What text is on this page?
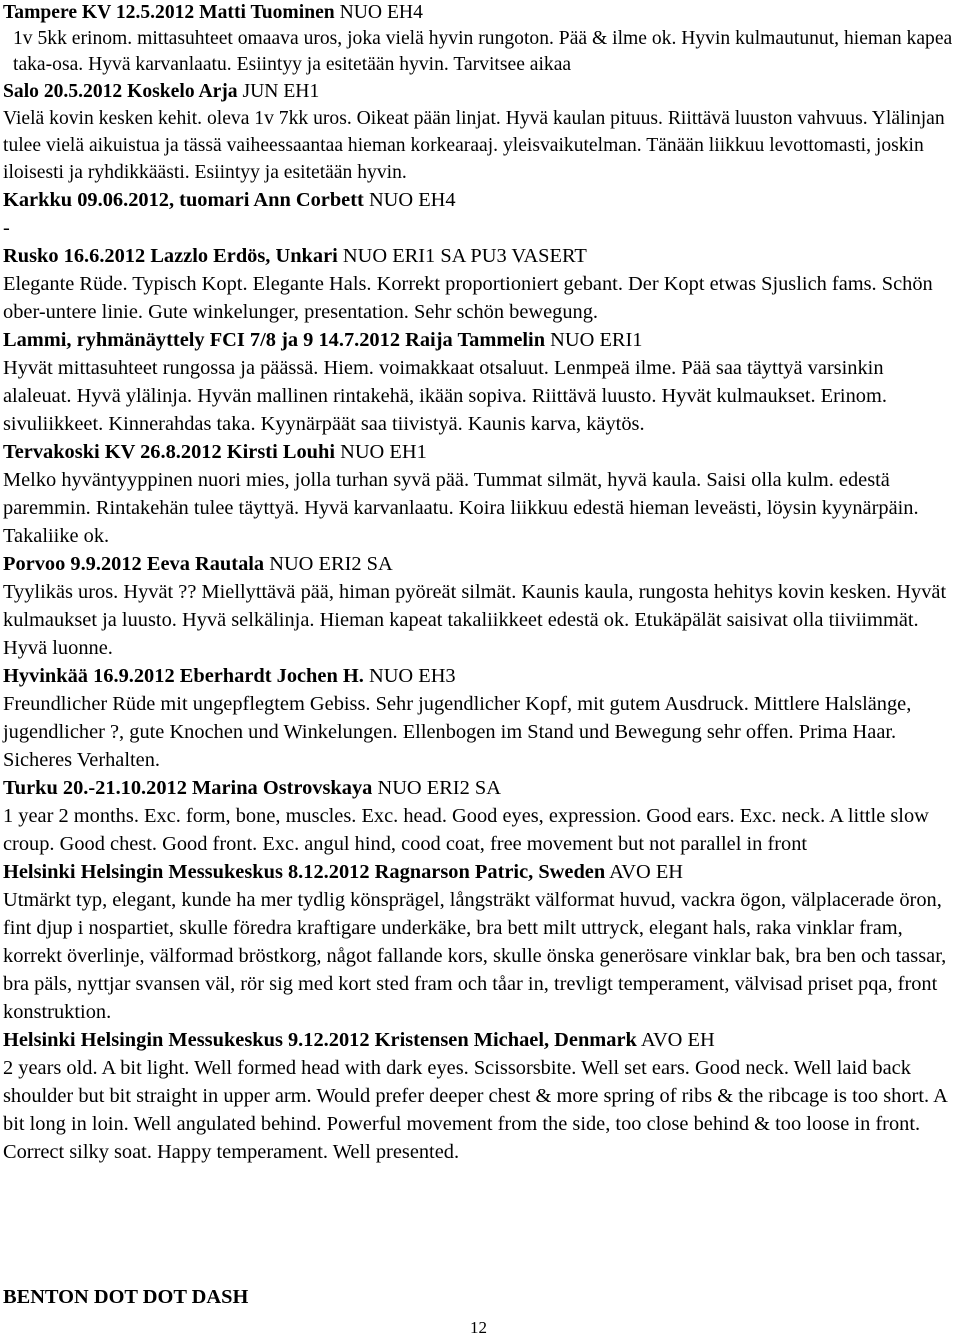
Tampere KV 12.5.2012 Matti Tuominen NUO EH4
1v 5kk erinom. mittasuhteet omaava uros, joka vielä hyvin rungoton. Pää & ilme ok. Hyvin kulmautunut, hieman kapea taka-osa. Hyvä karvanlaatu. Esiintyy ja esitetään hyvin. Tarvitsee aikaa
Salo 20.5.2012 Koskelo Arja JUN EH1
Vielä kovin kesken kehit. oleva 1v 7kk uros. Oikeat pään linjat. Hyvä kaulan pituus. Riittävä luuston vahvuus. Ylälinjan tulee vielä aikuistua ja tässä vaiheessaantaa hieman korkearaaj. yleisvaikutelman. Tänään liikkuu levottomasti, joskin iloisesti ja ryhdikkäästi. Esiintyy ja esitetään hyvin.
Karkku 09.06.2012, tuomari Ann Corbett NUO EH4
-
Rusko 16.6.2012 Lazzlo Erdös, Unkari NUO ERI1 SA PU3 VASERT
Elegante Rüde. Typisch Kopt. Elegante Hals. Korrekt proportioniert gebant. Der Kopt etwas Sjuslich fams. Schön ober-untere linie. Gute winkelunger, presentation. Sehr schön bewegung.
Lammi, ryhmänäyttely FCI 7/8 ja 9 14.7.2012 Raija Tammelin NUO ERI1
Hyvät mittasuhteet rungossa ja päässä. Hiem. voimakkaat otsaluut. Lenmpeä ilme. Pää saa täyttyä varsinkin alaleuat. Hyvä ylälinja. Hyvän mallinen rintakehä, ikään sopiva. Riittävä luusto. Hyvät kulmaukset. Erinom. sivuliikkeet. Kinnerahdas taka. Kyynärpäät saa tiivistyä. Kaunis karva, käytös.
Tervakoski KV 26.8.2012 Kirsti Louhi NUO EH1
Melko hyväntyyppinen nuori mies, jolla turhan syvä pää. Tummat silmät, hyvä kaula. Saisi olla kulm. edestä paremmin. Rintakehän tulee täyttyä. Hyvä karvanlaatu. Koira liikkuu edestä hieman leveästi, löysin kyynärpäin. Takaliike ok.
Porvoo 9.9.2012 Eeva Rautala NUO ERI2 SA
Tyylikäs uros. Hyvät ?? Miellyttävä pää, himan pyöreät silmät. Kaunis kaula, rungosta hehitys kovin kesken. Hyvät kulmaukset ja luusto. Hyvä selkälinja. Hieman kapeat takaliikkeet edestä ok. Etukäpälät saisivat olla tiiviimmät. Hyvä luonne.
Hyvinkää 16.9.2012 Eberhardt Jochen H. NUO EH3
Freundlicher Rüde mit ungepflegtem Gebiss. Sehr jugendlicher Kopf, mit gutem Ausdruck. Mittlere Halslänge, jugendlicher ?, gute Knochen und Winkelungen. Ellenbogen im Stand und Bewegung sehr offen. Prima Haar. Sicheres Verhalten.
Turku 20.-21.10.2012 Marina Ostrovskaya NUO ERI2 SA
1 year 2 months. Exc. form, bone, muscles. Exc. head. Good eyes, expression. Good ears. Exc. neck. A little slow croup. Good chest. Good front. Exc. angul hind, cood coat, free movement but not parallel in front
Helsinki Helsingin Messukeskus 8.12.2012 Ragnarson Patric, Sweden AVO EH
Utmärkt typ, elegant, kunde ha mer tydlig könsprägel, långsträkt välformat huvud, vackra ögon, välplacerade öron, fint djup i nospartiet, skulle föredra kraftigare underkäke, bra bett milt uttryck, elegant hals, raka vinklar fram, korrekt överlinje, välformad bröstkorg, något fallande kors, skulle önska generösare vinklar bak, bra ben och tassar, bra päls, nyttjar svansen väl, rör sig med kort sted fram och tåar in, trevligt temperament, välvisad priset pqa, front konstruktion.
Helsinki Helsingin Messukeskus 9.12.2012 Kristensen Michael, Denmark AVO EH
2 years old. A bit light. Well formed head with dark eyes. Scissorsbite. Well set ears. Good neck. Well laid back shoulder but bit straight in upper arm. Would prefer deeper chest & more spring of ribs & the ribcage is too short. A bit long in loin. Well angulated behind. Powerful movement from the side, too close behind & too loose in front. Correct silky soat. Happy temperament. Well presented.
BENTON DOT DOT DASH
12
